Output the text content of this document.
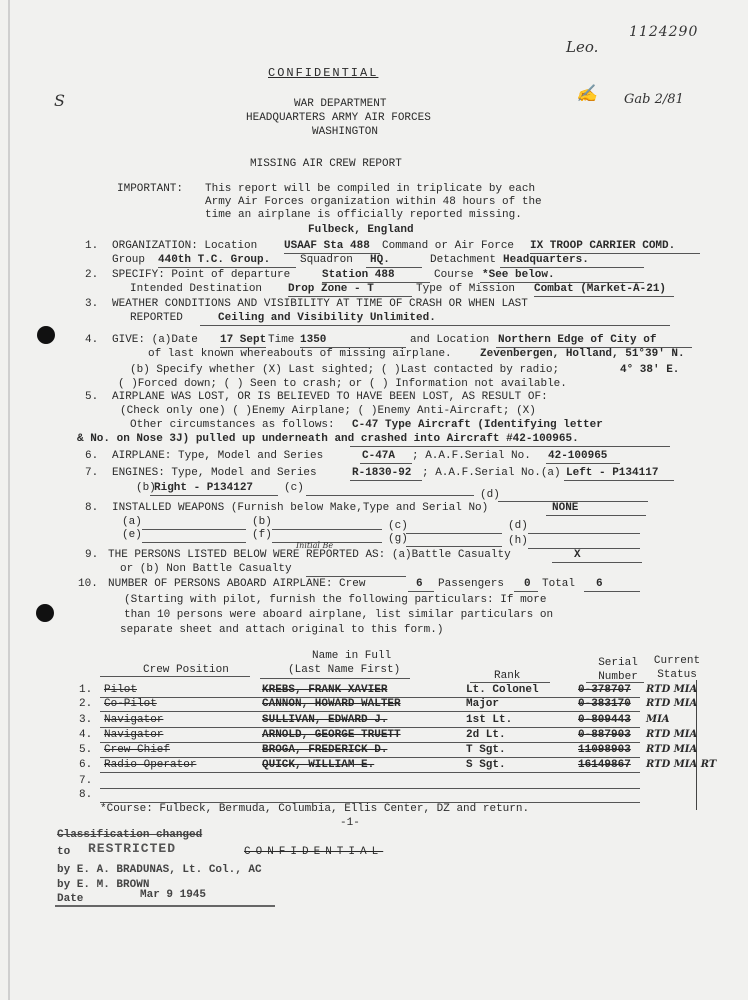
S
Leo.
1124290
✍ Gab 2/81
CONFIDENTIAL
WAR DEPARTMENT
HEADQUARTERS ARMY AIR FORCES
WASHINGTON
MISSING AIR CREW REPORT
IMPORTANT: This report will be compiled in triplicate by each
Army Air Forces organization within 48 hours of the
time an airplane is officially reported missing.
Fulbeck, England
1. ORGANIZATION: Location USAAF Sta 488 Command or Air Force IX TROOP CARRIER COMD.
Group 440th T.C. Group.	Squadron HQ.	Detachment Headquarters.
2. SPECIFY: Point of departure	Station 488	Course *See below.
Intended Destination Drop Zone - T	Type of Mission Combat (Market-A-21)
3. WEATHER CONDITIONS AND VISIBILITY AT TIME OF CRASH OR WHEN LAST
REPORTED	Ceiling and Visibility Unlimited.
4. GIVE: (a)Date 17 Sept Time 1350	and Location Northern Edge of City of
of last known whereabouts of missing airplane.	Zevenbergen, Holland, 51°39' N.
(b) Specify whether (X) Last sighted; ( )Last contacted by radio;	4° 38' E.
( )Forced down; ( ) Seen to crash; or ( ) Information not available.
5. AIRPLANE WAS LOST, OR IS BELIEVED TO HAVE BEEN LOST, AS RESULT OF:
(Check only one) ( )Enemy Airplane; ( )Enemy Anti-Aircraft; (X)
Other circumstances as follows: C-47 Type Aircraft (Identifying letter
& No. on Nose 3J) pulled up underneath and crashed into Aircraft #42-100965.
6. AIRPLANE: Type, Model and Series	C-47A ; A.A.F.Serial No. 42-100965
7. ENGINES: Type, Model and Series	R-1830-92 ; A.A.F.Serial No.(a) Left - P134117
(b)
Right - P134127	(c)
(d)
8. INSTALLED WEAPONS (Furnish below Make,Type and Serial No)	NONE
(a)	(b)	(c)	(d)
(e)	(f)	(g)	(h)
Initial Be
9. THE PERSONS LISTED BELOW WERE REPORTED AS: (a)Battle Casualty	X
or (b) Non Battle Casualty
10. NUMBER OF PERSONS ABOARD AIRPLANE: Crew	6 Passengers 0 Total 6
(Starting with pilot, furnish the following particulars: If more
than 10 persons were aboard airplane, list similar particulars on
separate sheet and attach original to this form.)
Name in Full
(Last Name First)
Crew Position	Rank
Serial Number
Current Status
1. Pilot	KREBS, FRANK XAVIER	Lt. Colonel	0-378707 RTD MIA
2. Co-Pilot	CANNON, HOWARD WALTER	Major	0-383170 RTD MIA
3. Navigator	SULLIVAN, EDWARD J.	1st Lt.	0-809443 MIA
4. Navigator	ARNOLD, GEORGE TRUETT	2d Lt.	0-887903 RTD MIA
5. Crew Chief	BROGA, FREDERICK D.	T Sgt.	11098903 RTD MIA
6. Radio Operator	QUICK, WILLIAM E.	S Sgt.	16149867 RTD MIA RT
7.
8.
*Course: Fulbeck, Bermuda, Columbia, Ellis Center, DZ and return.
-1-
Classification changed
to RESTRICTED	CONFIDENTIAL
by E. A. BRADUNAS, Lt. Col., AC
by E. M. BROWN
Date	Mar 9 1945
